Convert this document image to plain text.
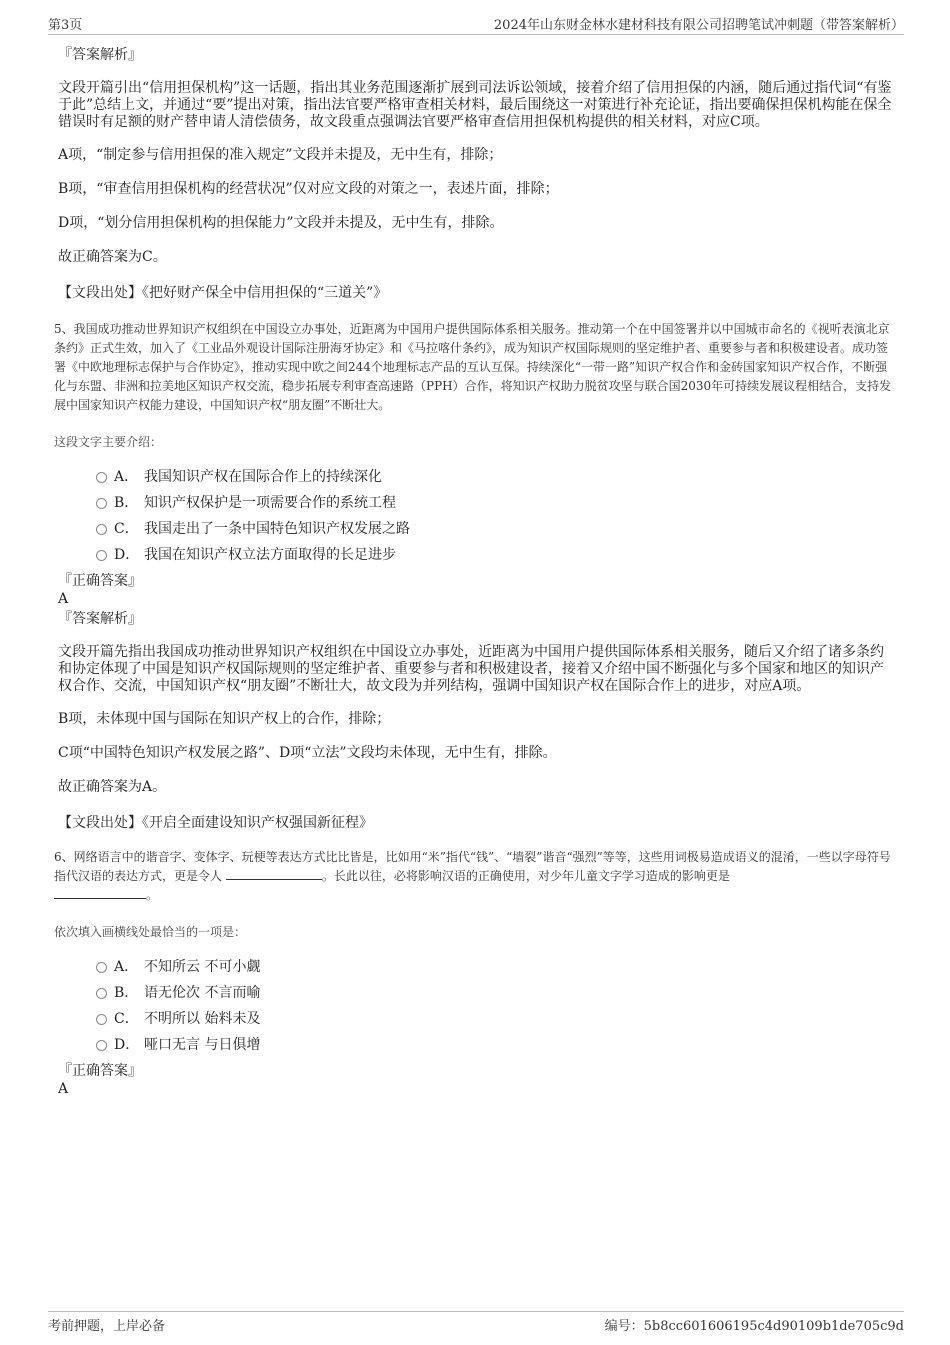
第3页	2024年山东财金林水建材科技有限公司招聘笔试冲刺题（带答案解析）
『答案解析』
文段开篇引出“信用担保机构”这一话题，指出其业务范围逐渐扩展到司法诉讼领域，接着介绍了信用担保的内涵，随后通过指代词“有鉴于此”总结上文，并通过“要”提出对策，指出法官要严格审查相关材料，最后围绕这一对策进行补充论证，指出要确保担保机构能在保全错误时有足额的财产替申请人清偿债务，故文段重点强调法官要严格审查信用担保机构提供的相关材料，对应C项。
A项，“制定参与信用担保的准入规定”文段并未提及，无中生有，排除；
B项，“审查信用担保机构的经营状况”仅对应文段的对策之一，表述片面，排除；
D项，“划分信用担保机构的担保能力”文段并未提及，无中生有，排除。
故正确答案为C。
【文段出处】《把好财产保全中信用担保的“三道关”》
5、我国成功推动世界知识产权组织在中国设立办事处，近距离为中国用户提供国际体系相关服务。推动第一个在中国签署并以中国城市命名的《视听表演北京条约》正式生效，加入了《工业品外观设计国际注册海牙协定》和《马拉喀什条约》，成为知识产权国际规则的坚定维护者、重要参与者和积极建设者。成功签署《中欧地理标志保护与合作协定》，推动实现中欧之间244个地理标志产品的互认互保。持续深化“一带一路”知识产权合作和金砖国家知识产权合作，不断强化与东盟、非洲和拉美地区知识产权交流，稳步拓展专利审查高速路（PPH）合作，将知识产权助力脱贫攻坚与联合国2030年可持续发展议程相结合，支持发展中国家知识产权能力建设，中国知识产权“朋友圈”不断壮大。
这段文字主要介绍：
A． 我国知识产权在国际合作上的持续深化
B． 知识产权保护是一项需要合作的系统工程
C． 我国走出了一条中国特色知识产权发展之路
D． 我国在知识产权立法方面取得的长足进步
『正确答案』
A
『答案解析』
文段开篇先指出我国成功推动世界知识产权组织在中国设立办事处，近距离为中国用户提供国际体系相关服务，随后又介绍了诸多条约和协定体现了中国是知识产权国际规则的坚定维护者、重要参与者和积极建设者，接着又介绍中国不断强化与多个国家和地区的知识产权合作、交流，中国知识产权“朋友圈”不断壮大，故文段为并列结构，强调中国知识产权在国际合作上的进步，对应A项。
B项，未体现中国与国际在知识产权上的合作，排除；
C项“中国特色知识产权发展之路”、D项“立法”文段均未体现，无中生有，排除。
故正确答案为A。
【文段出处】《开启全面建设知识产权强国新征程》
6、网络语言中的谐音字、变体字、玩梗等表达方式比比皆是，比如用“米”指代“钱”、“墙裂”谐音“强烈”等等，这些用词极易造成语义的混淆，一些以字母符号指代汉语的表达方式，更是令人	。长此以往，必将影响汉语的正确使用，对少年儿童文字学习造成的影响更是
。
依次填入画横线处最恰当的一项是：
A． 不知所云 不可小觑
B． 语无伦次 不言而喻
C． 不明所以 始料未及
D． 哑口无言 与日俱增
『正确答案』
A
考前押题，上岸必备	编号：5b8cc601606195c4d90109b1de705c9d
